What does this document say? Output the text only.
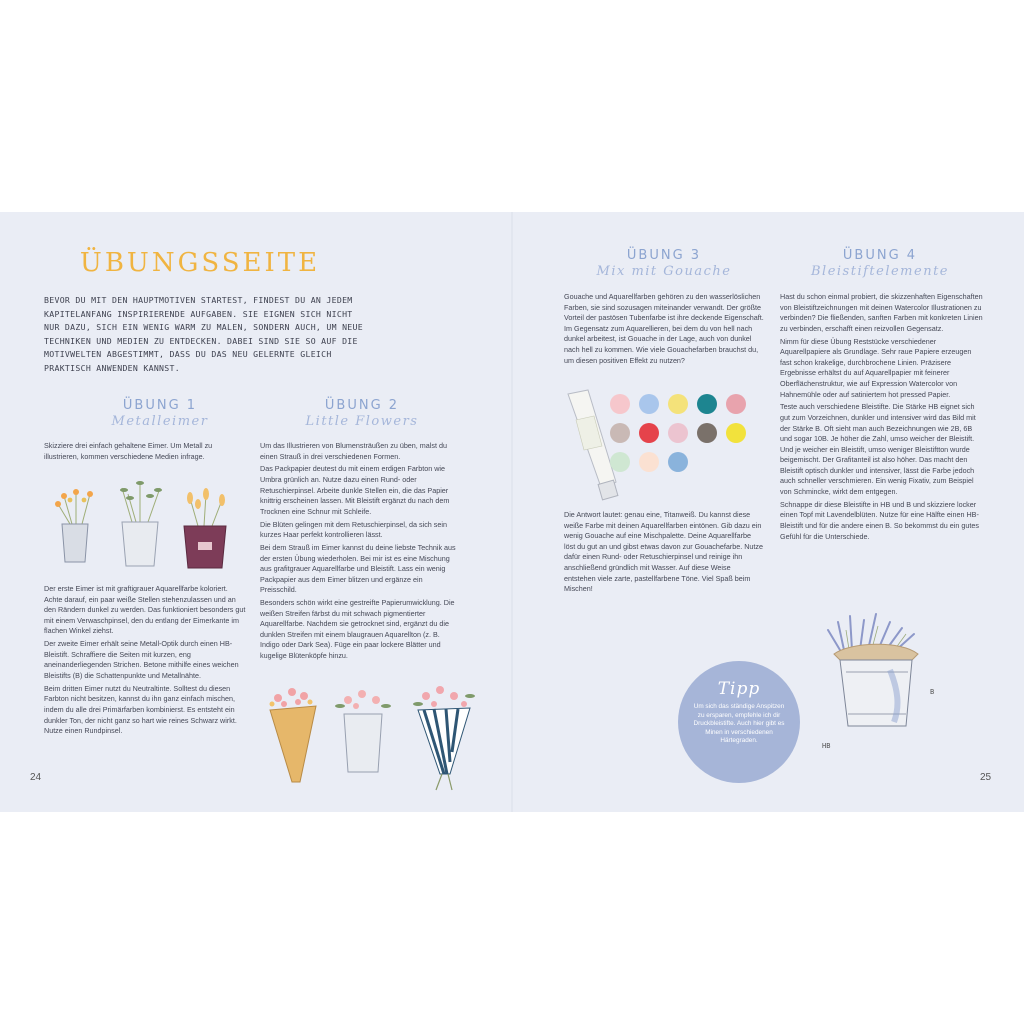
ÜBUNGSSEITE
BEVOR DU MIT DEN HAUPTMOTIVEN STARTEST, FINDEST DU AN JEDEM KAPITELANFANG INSPIRIERENDE AUFGABEN. SIE EIGNEN SICH NICHT NUR DAZU, SICH EIN WENIG WARM ZU MALEN, SONDERN AUCH, UM NEUE TECHNIKEN UND MEDIEN ZU ENTDECKEN. DABEI SIND SIE SO AUF DIE MOTIVWELTEN ABGESTIMMT, DASS DU DAS NEU GELERNTE GLEICH PRAKTISCH ANWENDEN KANNST.
ÜBUNG 1
Metalleimer

Skizziere drei einfach gehaltene Eimer. Um Metall zu illustrieren, kommen verschiedene Medien infrage.

Der erste Eimer ist mit graftigrauer Aquarellfarbe koloriert. Achte darauf, ein paar weiße Stellen stehenzulassen und an den Rändern dunkel zu werden. Das funktioniert besonders gut mit einem Verwaschpinsel, den du entlang der Eimerkante im flachen Winkel ziehst.

Der zweite Eimer erhält seine Metall-Optik durch einen HB-Bleistift. Schraffiere die Seiten mit kurzen, eng aneinanderliegenden Strichen. Betone mithilfe eines weichen Bleistifts (B) die Schattenpunkte und Metallnähte.

Beim dritten Eimer nutzt du Neutraltinte. Solltest du diesen Farbton nicht besitzen, kannst du ihn ganz einfach mischen, indem du alle drei Primärfarben kombinierst. Es entsteht ein dunkler Ton, der nicht ganz so hart wie reines Schwarz wirkt. Nutze einen Rundpinsel.

ÜBUNG 2
Little Flowers

Um das Illustrieren von Blumensträußen zu üben, malst du einen Strauß in drei verschiedenen Formen.

Das Packpapier deutest du mit einem erdigen Farbton wie Umbra grünlich an. Nutze dazu einen Rund- oder Retuschierpinsel. Arbeite dunkle Stellen ein, die das Papier knittrig erscheinen lassen. Mit Bleistift ergänzt du nach dem Trocknen eine Schnur mit Schleife.

Die Blüten gelingen mit dem Retuschierpinsel, da sich sein kurzes Haar perfekt kontrollieren lässt.

Bei dem Strauß im Eimer kannst du deine liebste Technik aus der ersten Übung wiederholen. Bei mir ist es eine Mischung aus grafitgrauer Aquarellfarbe und Bleistift. Lass ein wenig Packpapier aus dem Eimer blitzen und ergänze ein Preisschild.

Besonders schön wirkt eine gestreifte Papierumwicklung. Die weißen Streifen färbst du mit schwach pigmentierter Aquarellfarbe. Nachdem sie getrocknet sind, ergänzt du die dunklen Streifen mit einem blaugrauen Aquarellton (z. B. Indigo oder Dark Sea). Füge ein paar lockere Blätter und kugelige Blütenköpfe hinzu.

24
ÜBUNG 3
Mix mit Gouache

Gouache und Aquarellfarben gehören zu den wasserlöslichen Farben, sie sind sozusagen miteinander verwandt. Der größte Vorteil der pastösen Tubenfarbe ist ihre deckende Eigenschaft. Im Gegensatz zum Aquarellieren, bei dem du von hell nach dunkel arbeitest, ist Gouache in der Lage, auch von dunkel nach hell zu kommen. Wie viele Gouachefarben brauchst du, um diesen positiven Effekt zu nutzen?

Die Antwort lautet: genau eine, Titanweiß. Du kannst diese weiße Farbe mit deinen Aquarellfarben eintönen. Gib dazu ein wenig Gouache auf eine Mischpalette. Deine Aquarellfarbe löst du gut an und gibst etwas davon zur Gouachefarbe. Nutze dafür einen Rund- oder Retuschierpinsel und reinige ihn anschließend gründlich mit Wasser. Auf diese Weise entstehen viele zarte, pastellfarbene Töne. Viel Spaß beim Mischen!

ÜBUNG 4
Bleistiftelemente

Hast du schon einmal probiert, die skizzenhaften Eigenschaften von Bleistiftzeichnungen mit deinen Watercolor Illustrationen zu verbinden? Die fließenden, sanften Farben mit konkreten Linien zu verbinden, erschafft einen reizvollen Gegensatz.

Nimm für diese Übung Reststücke verschiedener Aquarellpapiere als Grundlage. Sehr raue Papiere erzeugen fast schon krakelige, durchbrochene Linien. Präzisere Ergebnisse erhältst du auf Aquarellpapier mit feinerer Oberflächenstruktur, wie auf Expression Watercolor von Hahnemühle oder auf satiniertem hot pressed Papier.

Teste auch verschiedene Bleistifte. Die Stärke HB eignet sich gut zum Vorzeichnen, dunkler und intensiver wird das Bild mit der Stärke B. Oft sieht man auch Bezeichnungen wie 2B, 6B und sogar 10B. Je höher die Zahl, umso weicher der Bleistift. Und je weicher ein Bleistift, umso weniger Bleistiftton wurde beigemischt. Der Grafitanteil ist also höher. Das macht den Bleistift optisch dunkler und intensiver, lässt die Farbe jedoch auch schneller verschmieren. Ein wenig Fixativ, zum Beispiel von Schmincke, wirkt dem entgegen.

Schnappe dir diese Bleistifte in HB und B und skizziere locker einen Topf mit Lavendelblüten. Nutze für eine Hälfte einen HB-Bleistift und für die andere einen B. So bekommst du ein gutes Gefühl für die Unterschiede.

Tipp
Um sich das ständige Anspitzen zu ersparen, empfehle ich dir Druckbleistifte. Auch hier gibt es Minen in verschiedenen Härtegraden.
B
HB
25
